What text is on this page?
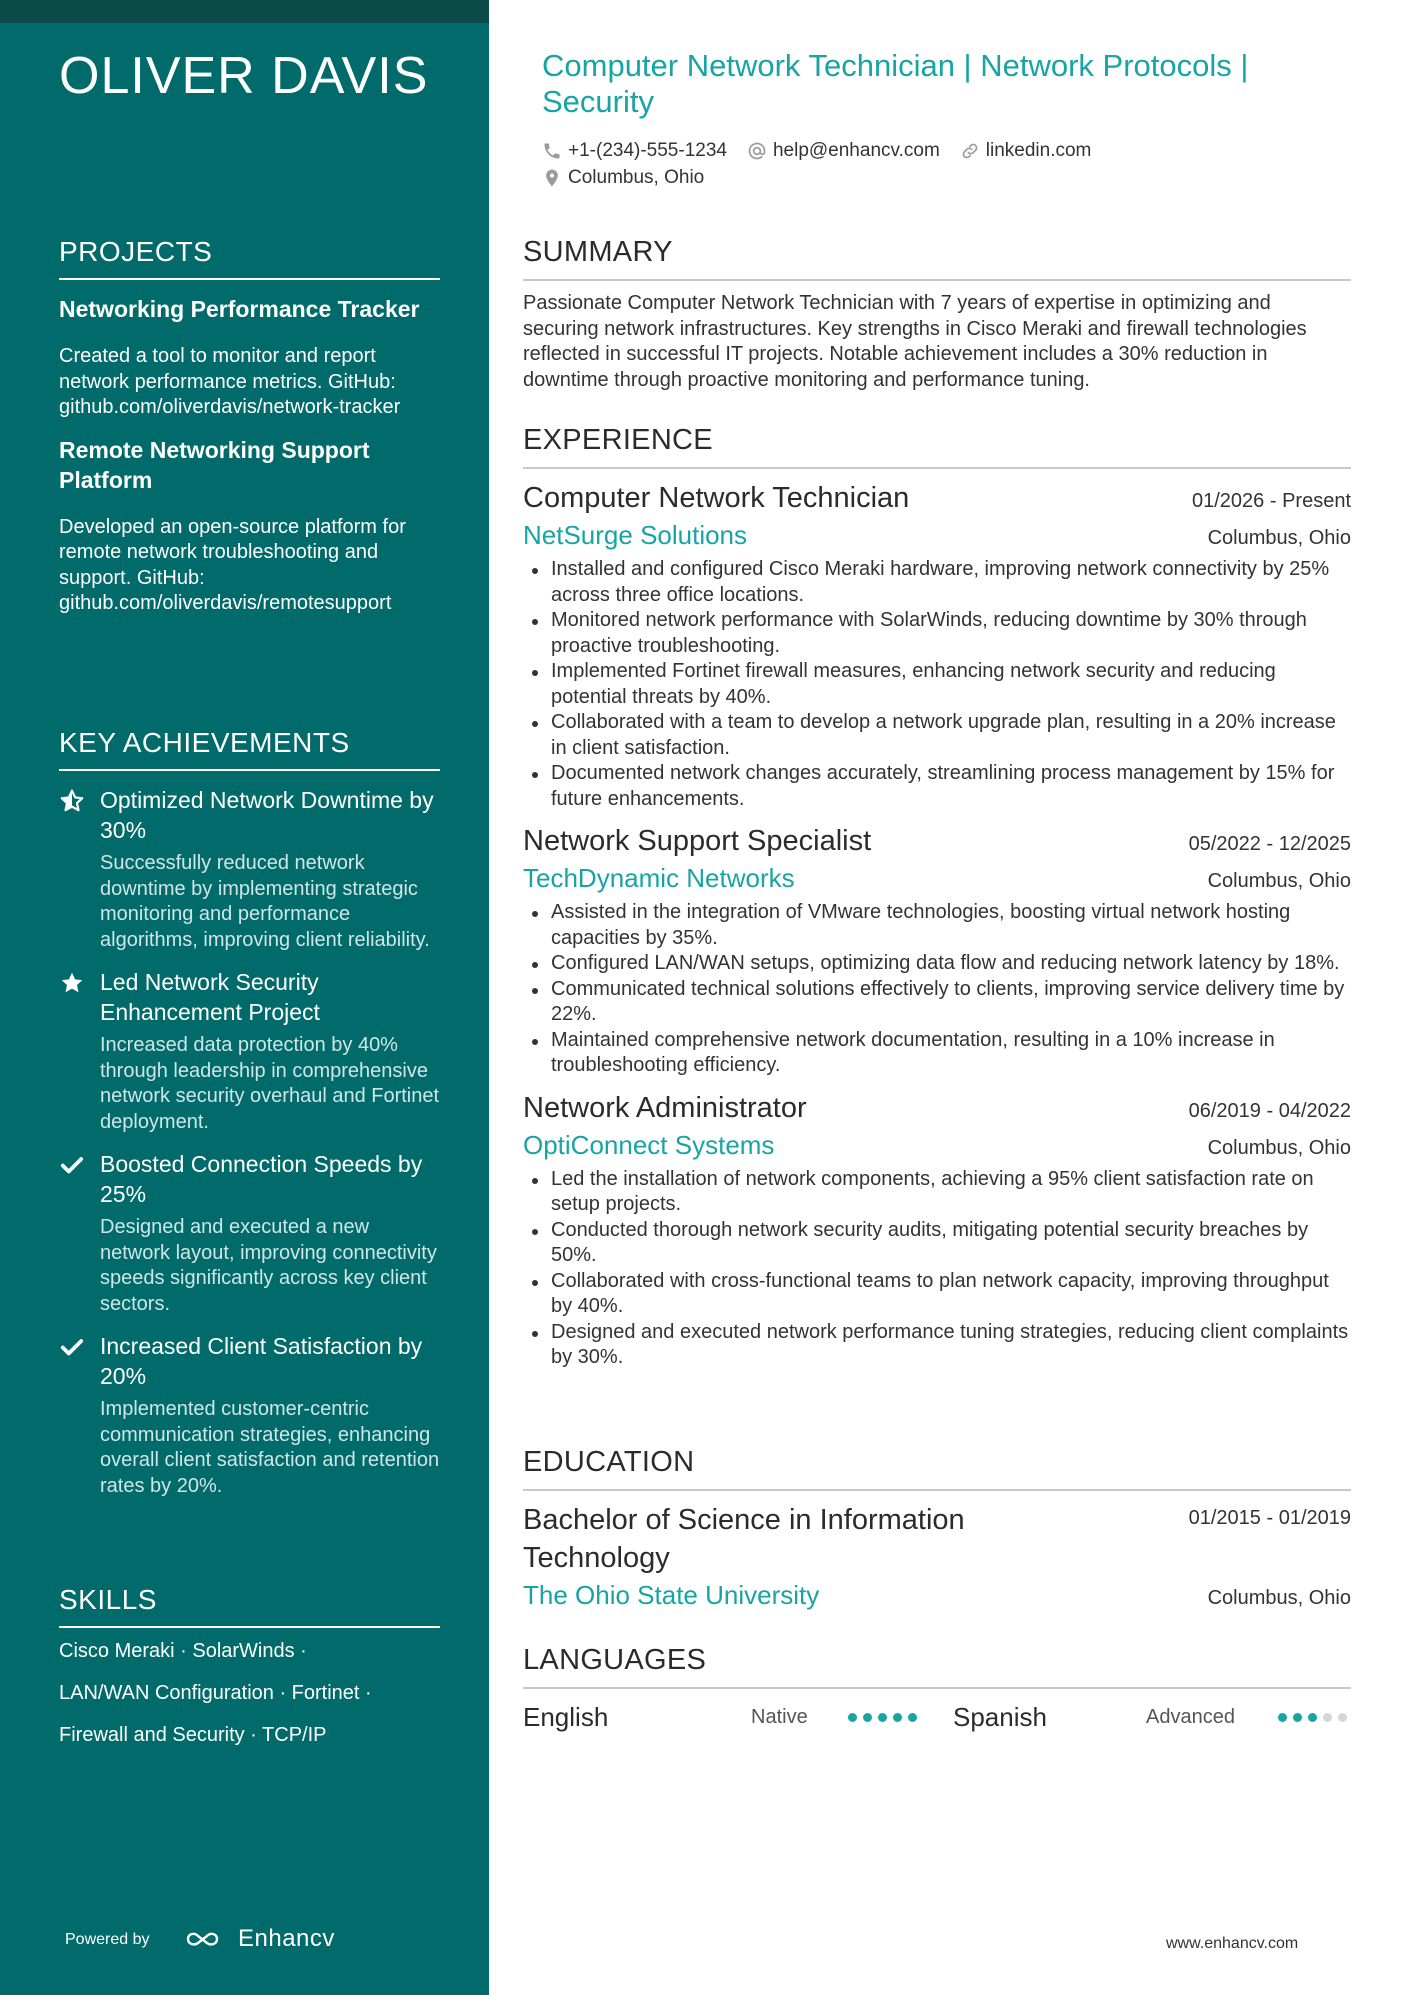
OLIVER DAVIS
PROJECTS
Networking Performance Tracker
Created a tool to monitor and report network performance metrics. GitHub: github.com/oliverdavis/network-tracker
Remote Networking Support Platform
Developed an open-source platform for remote network troubleshooting and support. GitHub: github.com/oliverdavis/remotesupport
KEY ACHIEVEMENTS
Optimized Network Downtime by 30%
Successfully reduced network downtime by implementing strategic monitoring and performance algorithms, improving client reliability.
Led Network Security Enhancement Project
Increased data protection by 40% through leadership in comprehensive network security overhaul and Fortinet deployment.
Boosted Connection Speeds by 25%
Designed and executed a new network layout, improving connectivity speeds significantly across key client sectors.
Increased Client Satisfaction by 20%
Implemented customer-centric communication strategies, enhancing overall client satisfaction and retention rates by 20%.
SKILLS
Cisco Meraki · SolarWinds ·
LAN/WAN Configuration · Fortinet ·
Firewall and Security · TCP/IP
Powered by	Enhancv
Computer Network Technician | Network Protocols | Security
+1-(234)-555-1234 help@enhancv.com linkedin.com
Columbus, Ohio
SUMMARY
Passionate Computer Network Technician with 7 years of expertise in optimizing and securing network infrastructures. Key strengths in Cisco Meraki and firewall technologies reflected in successful IT projects. Notable achievement includes a 30% reduction in downtime through proactive monitoring and performance tuning.
EXPERIENCE
Computer Network Technician	01/2026 - Present
NetSurge Solutions	Columbus, Ohio
Installed and configured Cisco Meraki hardware, improving network connectivity by 25% across three office locations.
Monitored network performance with SolarWinds, reducing downtime by 30% through proactive troubleshooting.
Implemented Fortinet firewall measures, enhancing network security and reducing potential threats by 40%.
Collaborated with a team to develop a network upgrade plan, resulting in a 20% increase in client satisfaction.
Documented network changes accurately, streamlining process management by 15% for future enhancements.
Network Support Specialist	05/2022 - 12/2025
TechDynamic Networks	Columbus, Ohio
Assisted in the integration of VMware technologies, boosting virtual network hosting capacities by 35%.
Configured LAN/WAN setups, optimizing data flow and reducing network latency by 18%.
Communicated technical solutions effectively to clients, improving service delivery time by 22%.
Maintained comprehensive network documentation, resulting in a 10% increase in troubleshooting efficiency.
Network Administrator	06/2019 - 04/2022
OptiConnect Systems	Columbus, Ohio
Led the installation of network components, achieving a 95% client satisfaction rate on setup projects.
Conducted thorough network security audits, mitigating potential security breaches by 50%.
Collaborated with cross-functional teams to plan network capacity, improving throughput by 40%.
Designed and executed network performance tuning strategies, reducing client complaints by 30%.
EDUCATION
Bachelor of Science in Information Technology
01/2015 - 01/2019
The Ohio State University	Columbus, Ohio
LANGUAGES
English	Native	Spanish	Advanced
www.enhancv.com
